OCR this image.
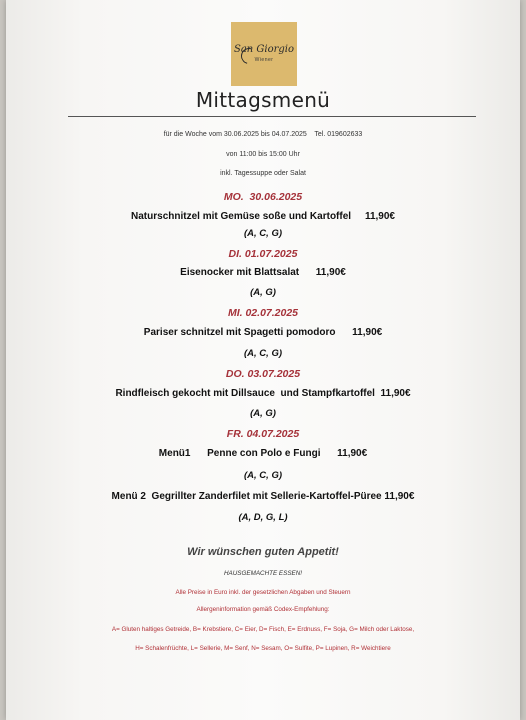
San Giorgio
Wiener
Mittagsmenü
für die Woche vom 30.06.2025 bis 04.07.2025    Tel. 019602633
von 11:00 bis 15:00 Uhr
inkl. Tagessuppe oder Salat
MO.  30.06.2025
Naturschnitzel mit Gemüse soße und Kartoffel     11,90€
(A, C, G)
DI. 01.07.2025
Eisenocker mit Blattsalat      11,90€
(A, G)
MI. 02.07.2025
Pariser schnitzel mit Spagetti pomodoro      11,90€
(A, C, G)
DO. 03.07.2025
Rindfleisch gekocht mit Dillsauce  und Stampfkartoffel  11,90€
(A, G)
FR. 04.07.2025
Menü1      Penne con Polo e Fungi      11,90€
(A, C, G)
Menü 2  Gegrillter Zanderfilet mit Sellerie-Kartoffel-Püree 11,90€
(A, D, G, L)
Wir wünschen guten Appetit!
HAUSGEMACHTE ESSEN!
Alle Preise in Euro inkl. der gesetzlichen Abgaben und Steuern
Allergeninformation gemäß Codex-Empfehlung:
A= Gluten haltiges Getreide, B= Krebstiere, C= Eier, D= Fisch, E= Erdnuss, F= Soja, G= Milch oder Laktose,
H= Schalenfrüchte, L= Sellerie, M= Senf, N= Sesam, O= Sulfite, P= Lupinen, R= Weichtiere
